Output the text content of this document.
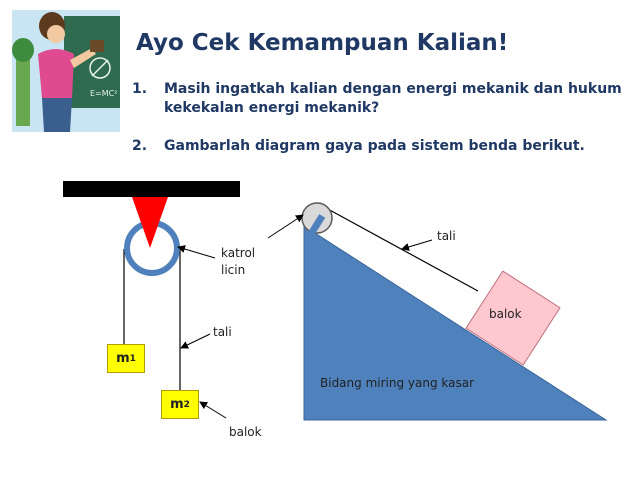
E=MC²
Ayo Cek Kemampuan Kalian!
1. Masih ingatkah kalian dengan energi mekanik dan hukum kekekalan energi mekanik?
2. Gambarlah diagram gaya pada sistem benda berikut.
katrol
licin
tali
balok
m 1
m 2
tali
balok
Bidang miring yang kasar
